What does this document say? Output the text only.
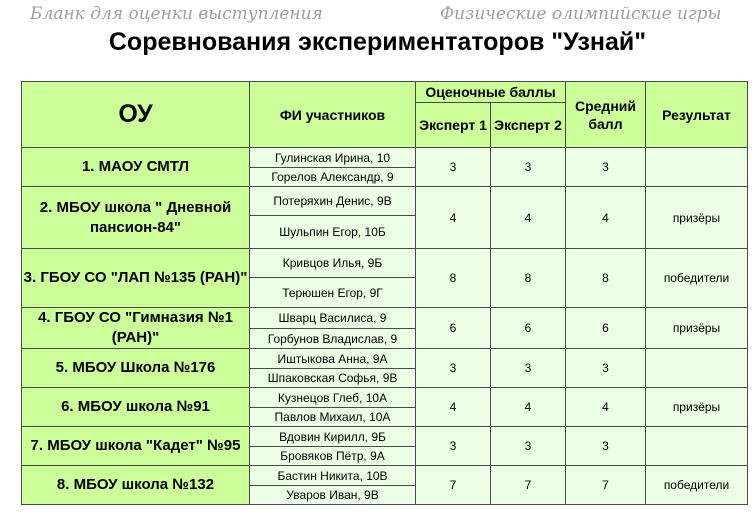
Бланк для оценки выступления	Физические олимпийские игры
Соревнования экспериментаторов "Узнай"
ОУ	ФИ участников	Оценочные баллы		Средний балл	Результат
		Эксперт 1	Эксперт 2		
1. МАОУ СМТЛ	Гулинская Ирина, 10	3	3	3	
	Горелов Александр, 9				
2. МБОУ школа " Дневной пансион-84"	Потеряхин Денис, 9В	4	4	4	призёры
	Шульпин Егор, 10Б				
3. ГБОУ СО "ЛАП №135 (РАН)"	Кривцов Илья, 9Б	8	8	8	победители
	Терюшен Егор, 9Г				
4. ГБОУ СО "Гимназия №1 (РАН)"	Шварц Василиса, 9	6	6	6	призёры
	Горбунов Владислав, 9				
5. МБОУ Школа №176	Иштыкова Анна, 9А	3	3	3	
	Шпаковская Софья, 9В				
6. МБОУ школа №91	Кузнецов Глеб, 10А	4	4	4	призёры
	Павлов Михаил, 10А				
7. МБОУ школа "Кадет" №95	Вдовин Кирилл, 9Б	3	3	3	
	Бровяков Пётр, 9А				
8. МБОУ школа №132	Бастин Никита, 10В	7	7	7	победители
	Уваров Иван, 9В				
